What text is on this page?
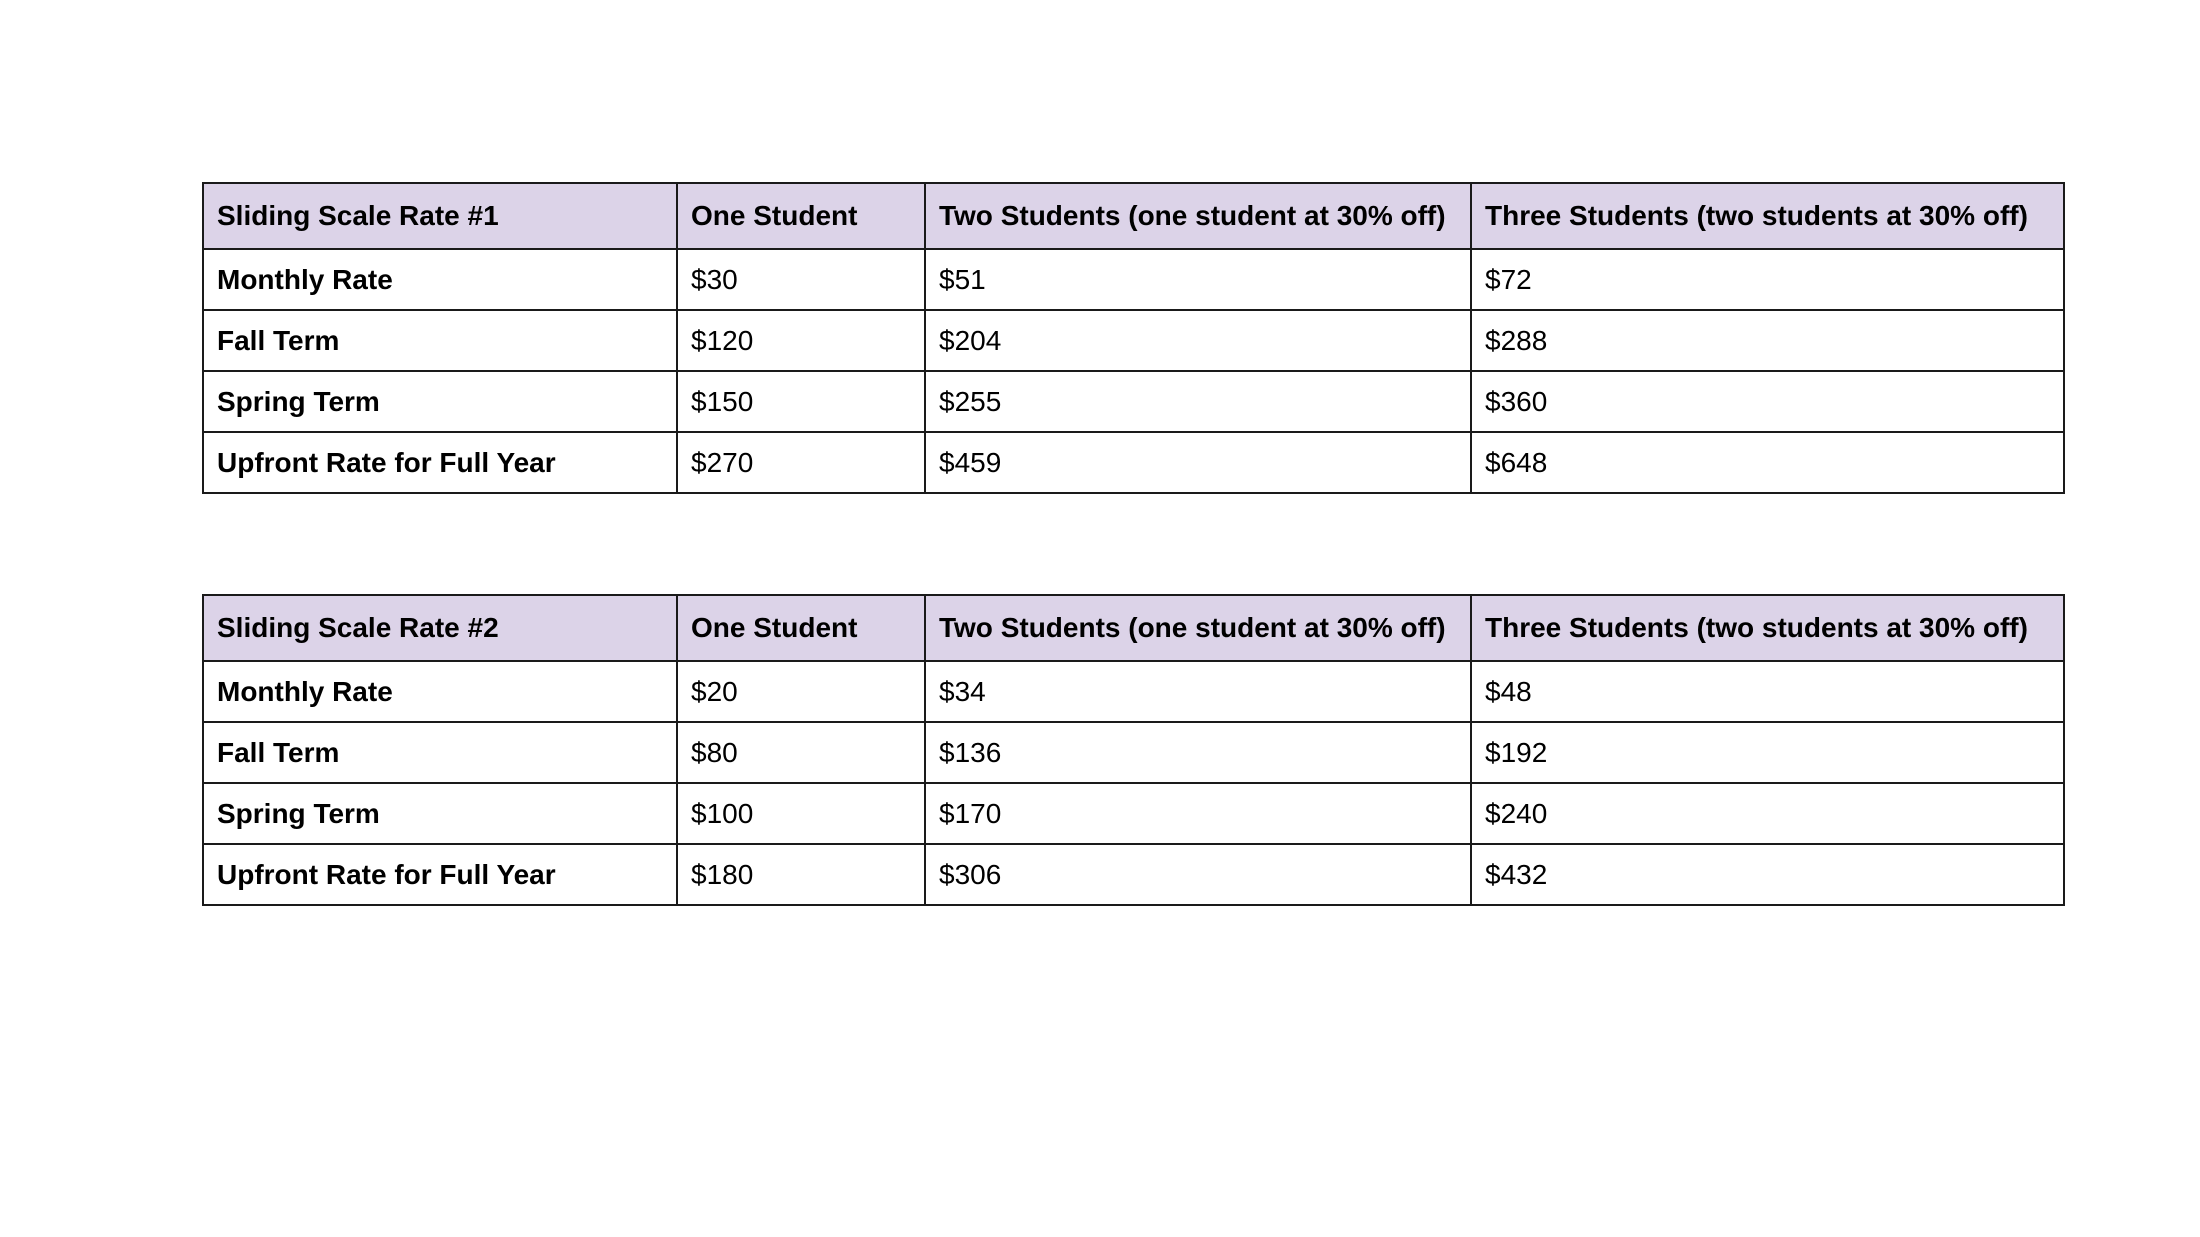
Sliding Scale Rate #1	One Student	Two Students (one student at 30% off)	Three Students (two students at 30% off)
Monthly Rate	$30	$51	$72
Fall Term	$120	$204	$288
Spring Term	$150	$255	$360
Upfront Rate for Full Year	$270	$459	$648
Sliding Scale Rate #2	One Student	Two Students (one student at 30% off)	Three Students (two students at 30% off)
Monthly Rate	$20	$34	$48
Fall Term	$80	$136	$192
Spring Term	$100	$170	$240
Upfront Rate for Full Year	$180	$306	$432
